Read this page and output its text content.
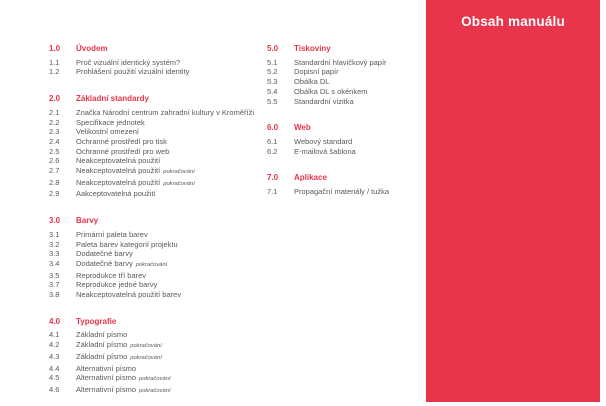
Obsah manuálu
1.0	Úvodem
1.1	Proč vizuální identický systém?
1.2	Prohlášení použití vizuální identity
2.0	Základní standardy
2.1	Značka Národní centrum zahradní kultury v Kroměříži
2.2	Specifikace jednotek
2.3	Velikostní omezení
2.4	Ochranné prostředí pro tisk
2.5	Ochranné prostředí pro web
2.6	Neakceptovatelná použití
2.7	Neakceptovatelná použití pokračování
2.8	Neakceptovatelná použití pokračování
2.9	Aakceptovatelná použití
3.0	Barvy
3.1	Primární paleta barev
3.2	Paleta barev kategorií projektu
3.3	Dodatečné barvy
3.4	Dodatečné barvy pokračování
3.5	Reprodukce tří barev
3.7	Reprodukce jedné barvy
3.8	Neakceptovatelná použití barev
4.0	Typografie
4.1	Základní písmo
4.2	Základní písmo pokračování
4.3	Základní písmo pokračování
4.4	Alternativní písmo
4.5	Alternativní písmo pokračování
4.6	Alternativní písmo pokračování
5.0	Tiskoviny
5.1	Standardní hlavičkový papír
5.2	Dopisní papír
5.3	Obálka DL
5.4	Obálka DL s okénkem
5.5	Standardní vizitka
6.0	Web
6.1	Webový standard
6.2	E-mailová šablona
7.0	Aplikace
7.1	Propagační materiály / tužka
